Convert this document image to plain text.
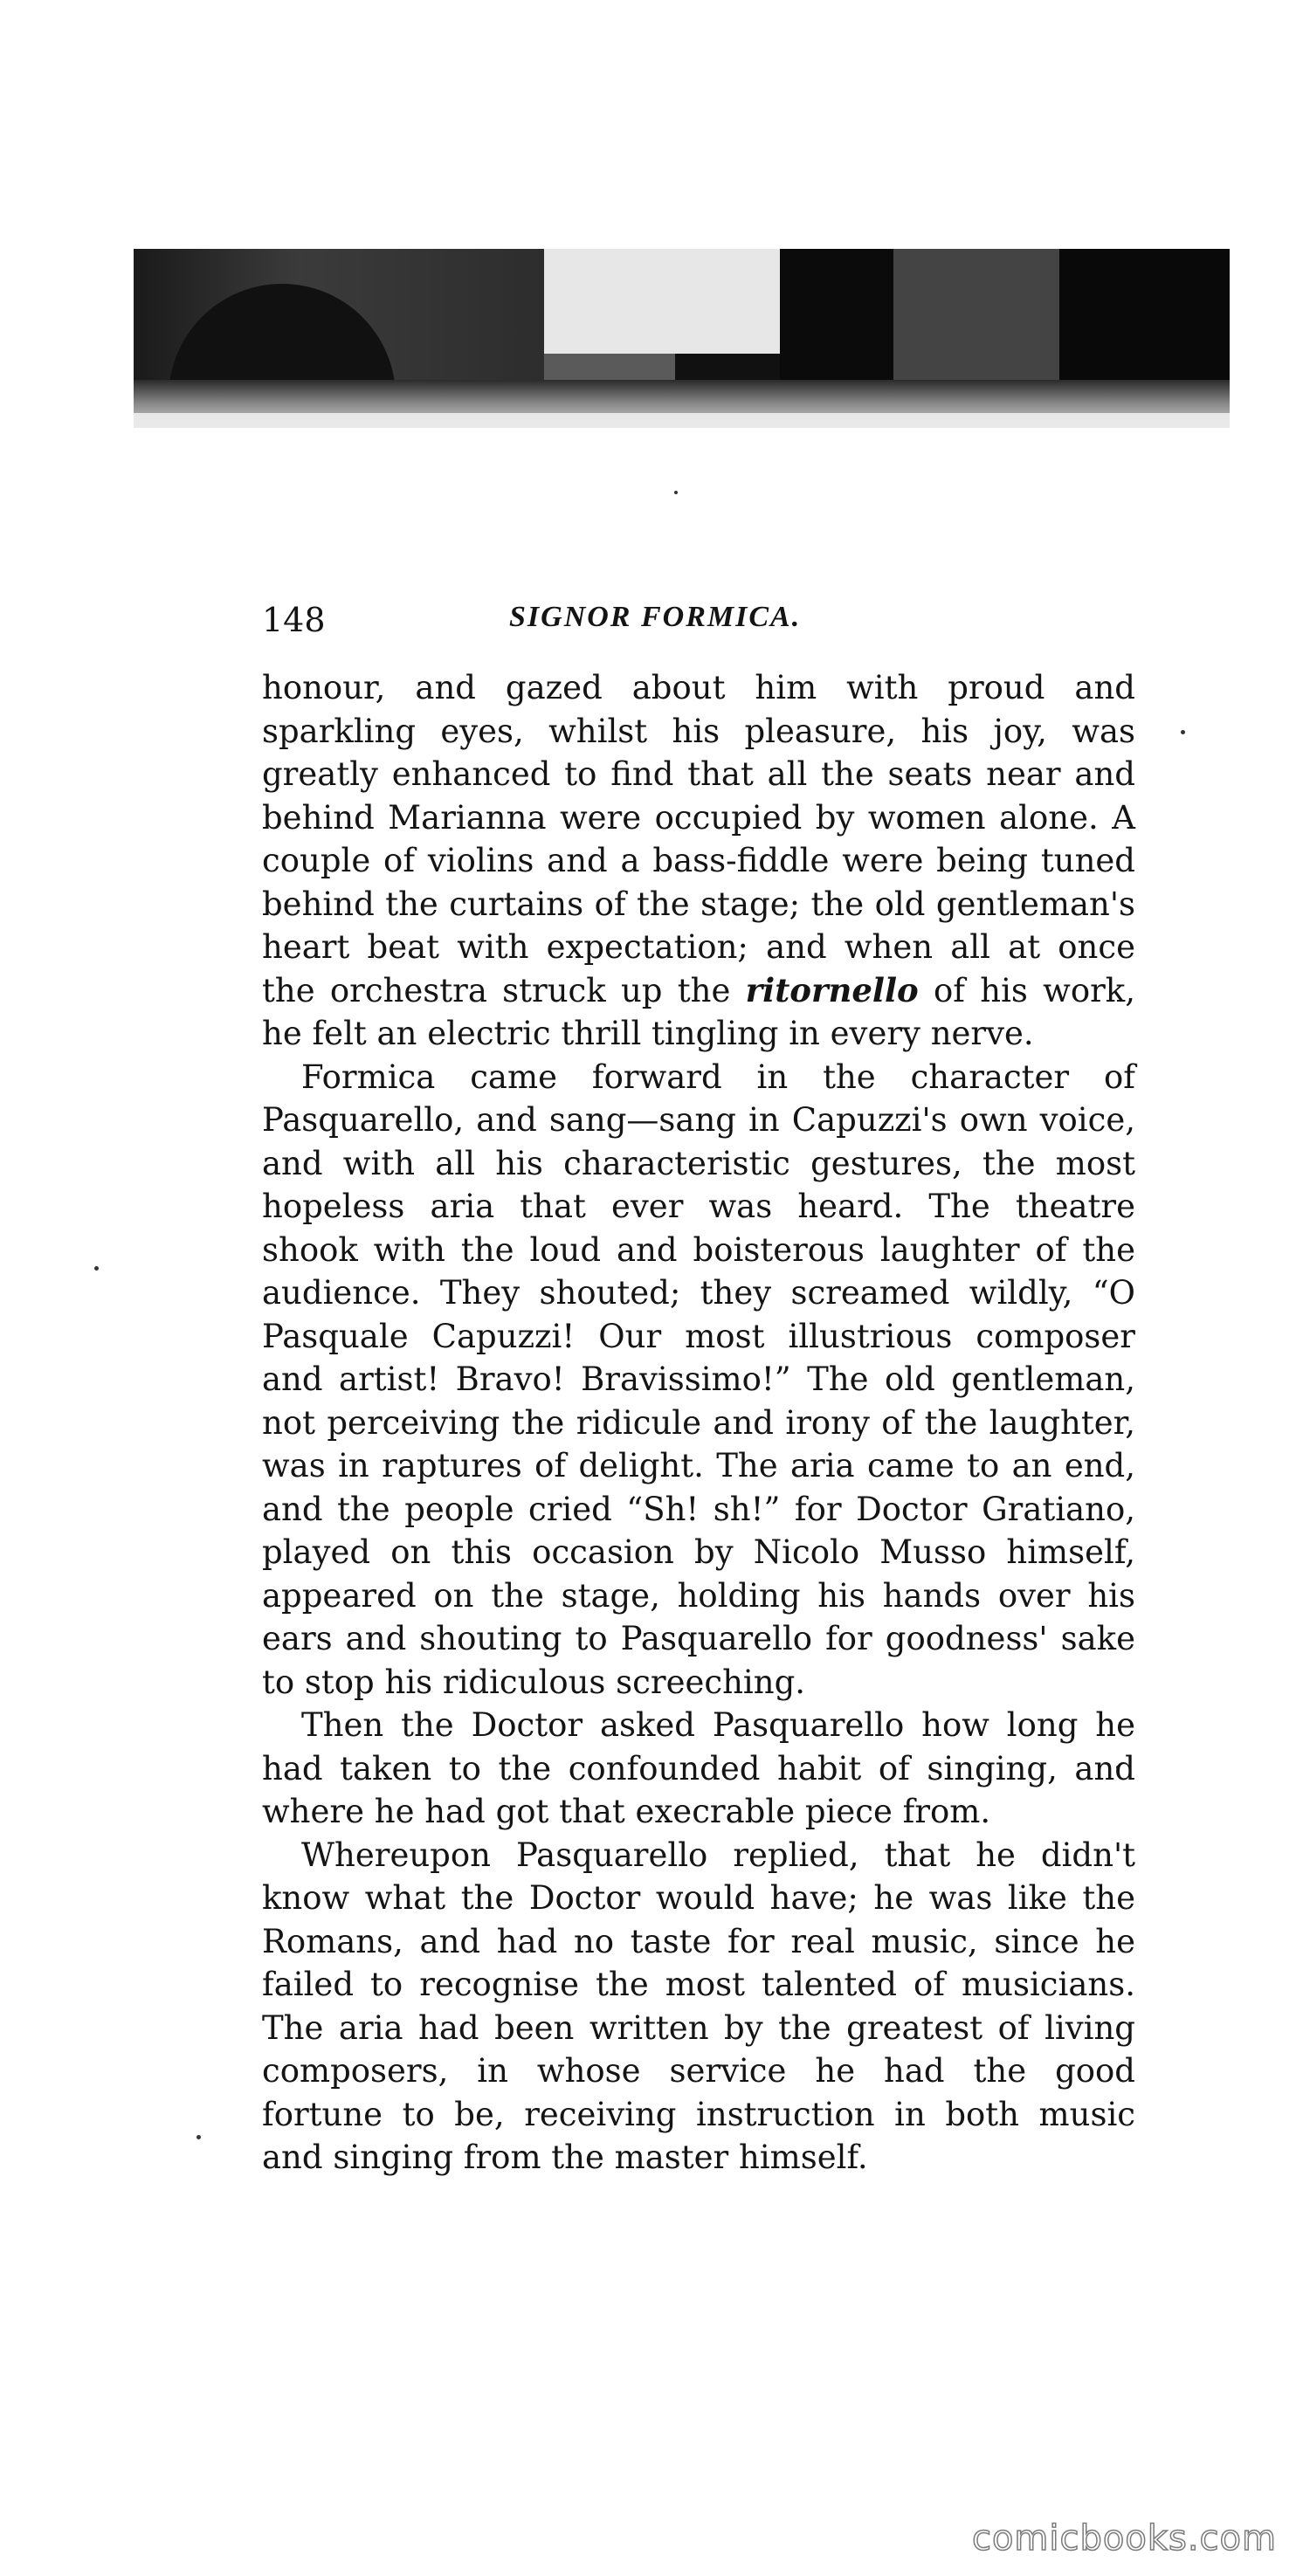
148	SIGNOR FORMICA.

honour, and gazed about him with proud and sparkling eyes, whilst his pleasure, his joy, was greatly enhanced to find that all the seats near and behind Marianna were occupied by women alone. A couple of violins and a bass-fiddle were being tuned behind the curtains of the stage; the old gentleman's heart beat with expectation; and when all at once the orchestra struck up the ritornello of his work, he felt an electric thrill tingling in every nerve.

Formica came forward in the character of Pasquarello, and sang—sang in Capuzzi's own voice, and with all his characteristic gestures, the most hopeless aria that ever was heard. The theatre shook with the loud and boisterous laughter of the audience. They shouted; they screamed wildly, “O Pasquale Capuzzi! Our most illustrious composer and artist! Bravo! Bravissimo!” The old gentleman, not perceiving the ridicule and irony of the laughter, was in raptures of delight. The aria came to an end, and the people cried “Sh! sh!” for Doctor Gratiano, played on this occasion by Nicolo Musso himself, appeared on the stage, holding his hands over his ears and shouting to Pasquarello for goodness' sake to stop his ridiculous screeching.

Then the Doctor asked Pasquarello how long he had taken to the confounded habit of singing, and where he had got that execrable piece from.

Whereupon Pasquarello replied, that he didn't know what the Doctor would have; he was like the Romans, and had no taste for real music, since he failed to recognise the most talented of musicians. The aria had been written by the greatest of living composers, in whose service he had the good fortune to be, receiving instruction in both music and singing from the master himself.

comicbooks.com
